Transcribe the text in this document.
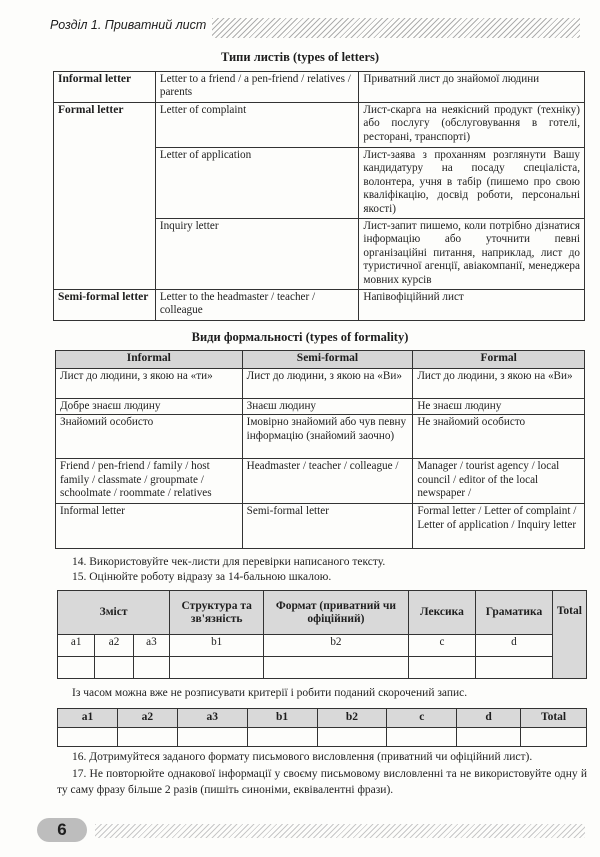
Розділ 1. Приватний лист
Типи листів (types of letters)
Informal letter	Letter to a friend / a pen-friend / relatives / parents	Приватний лист до знайомої людини
Formal letter	Letter of complaint	Лист-скарга на неякісний продукт (техніку) або послугу (обслуговування в готелі, ресторані, транспорті)
	Letter of application	Лист-заява з проханням розглянути Вашу кандидатуру на посаду спеціаліста, волонтера, учня в табір (пишемо про свою кваліфікацію, досвід роботи, персональні якості)
	Inquiry letter	Лист-запит пишемо, коли потрібно дізнатися інформацію або уточнити певні організаційні питання, наприклад, лист до туристичної агенції, авіакомпанії, менеджера мовних курсів
Semi-formal letter	Letter to the headmaster / teacher / colleague	Напівофіційний лист
Види формальності (types of formality)
Informal	Semi-formal	Formal
Лист до людини, з якою на «ти»	Лист до людини, з якою на «Ви»	Лист до людини, з якою на «Ви»
Добре знаєш людину	Знаєш людину	Не знаєш людину
Знайомий особисто	Імовірно знайомий або чув певну інформацію (знайомий заочно)	Не знайомий особисто
Friend / pen-friend / family / host family / classmate / groupmate / schoolmate / roommate / relatives	Headmaster / teacher / colleague /	Manager / tourist agency / local council / editor of the local newspaper /
Informal letter	Semi-formal letter	Formal letter / Letter of complaint / Letter of application / Inquiry letter
14. Використовуйте чек-листи для перевірки написаного тексту.
15. Оцінюйте роботу відразу за 14-бальною шкалою.
Зміст			Структура та зв'язність	Формат (приватний чи офіційний)	Лексика	Граматика	Total
a1	a2	a3	b1	b2	c	d	

Із часом можна вже не розписувати критерії і робити поданий скорочений запис.
a1	a2	a3	b1	b2	c	d	Total

16. Дотримуйтеся заданого формату письмового висловлення (приватний чи офіційний лист).
17. Не повторюйте однакової інформації у своєму письмовому висловленні та не використовуйте одну й ту саму фразу більше 2 разів (пишіть синоніми, еквівалентні фрази).
6
